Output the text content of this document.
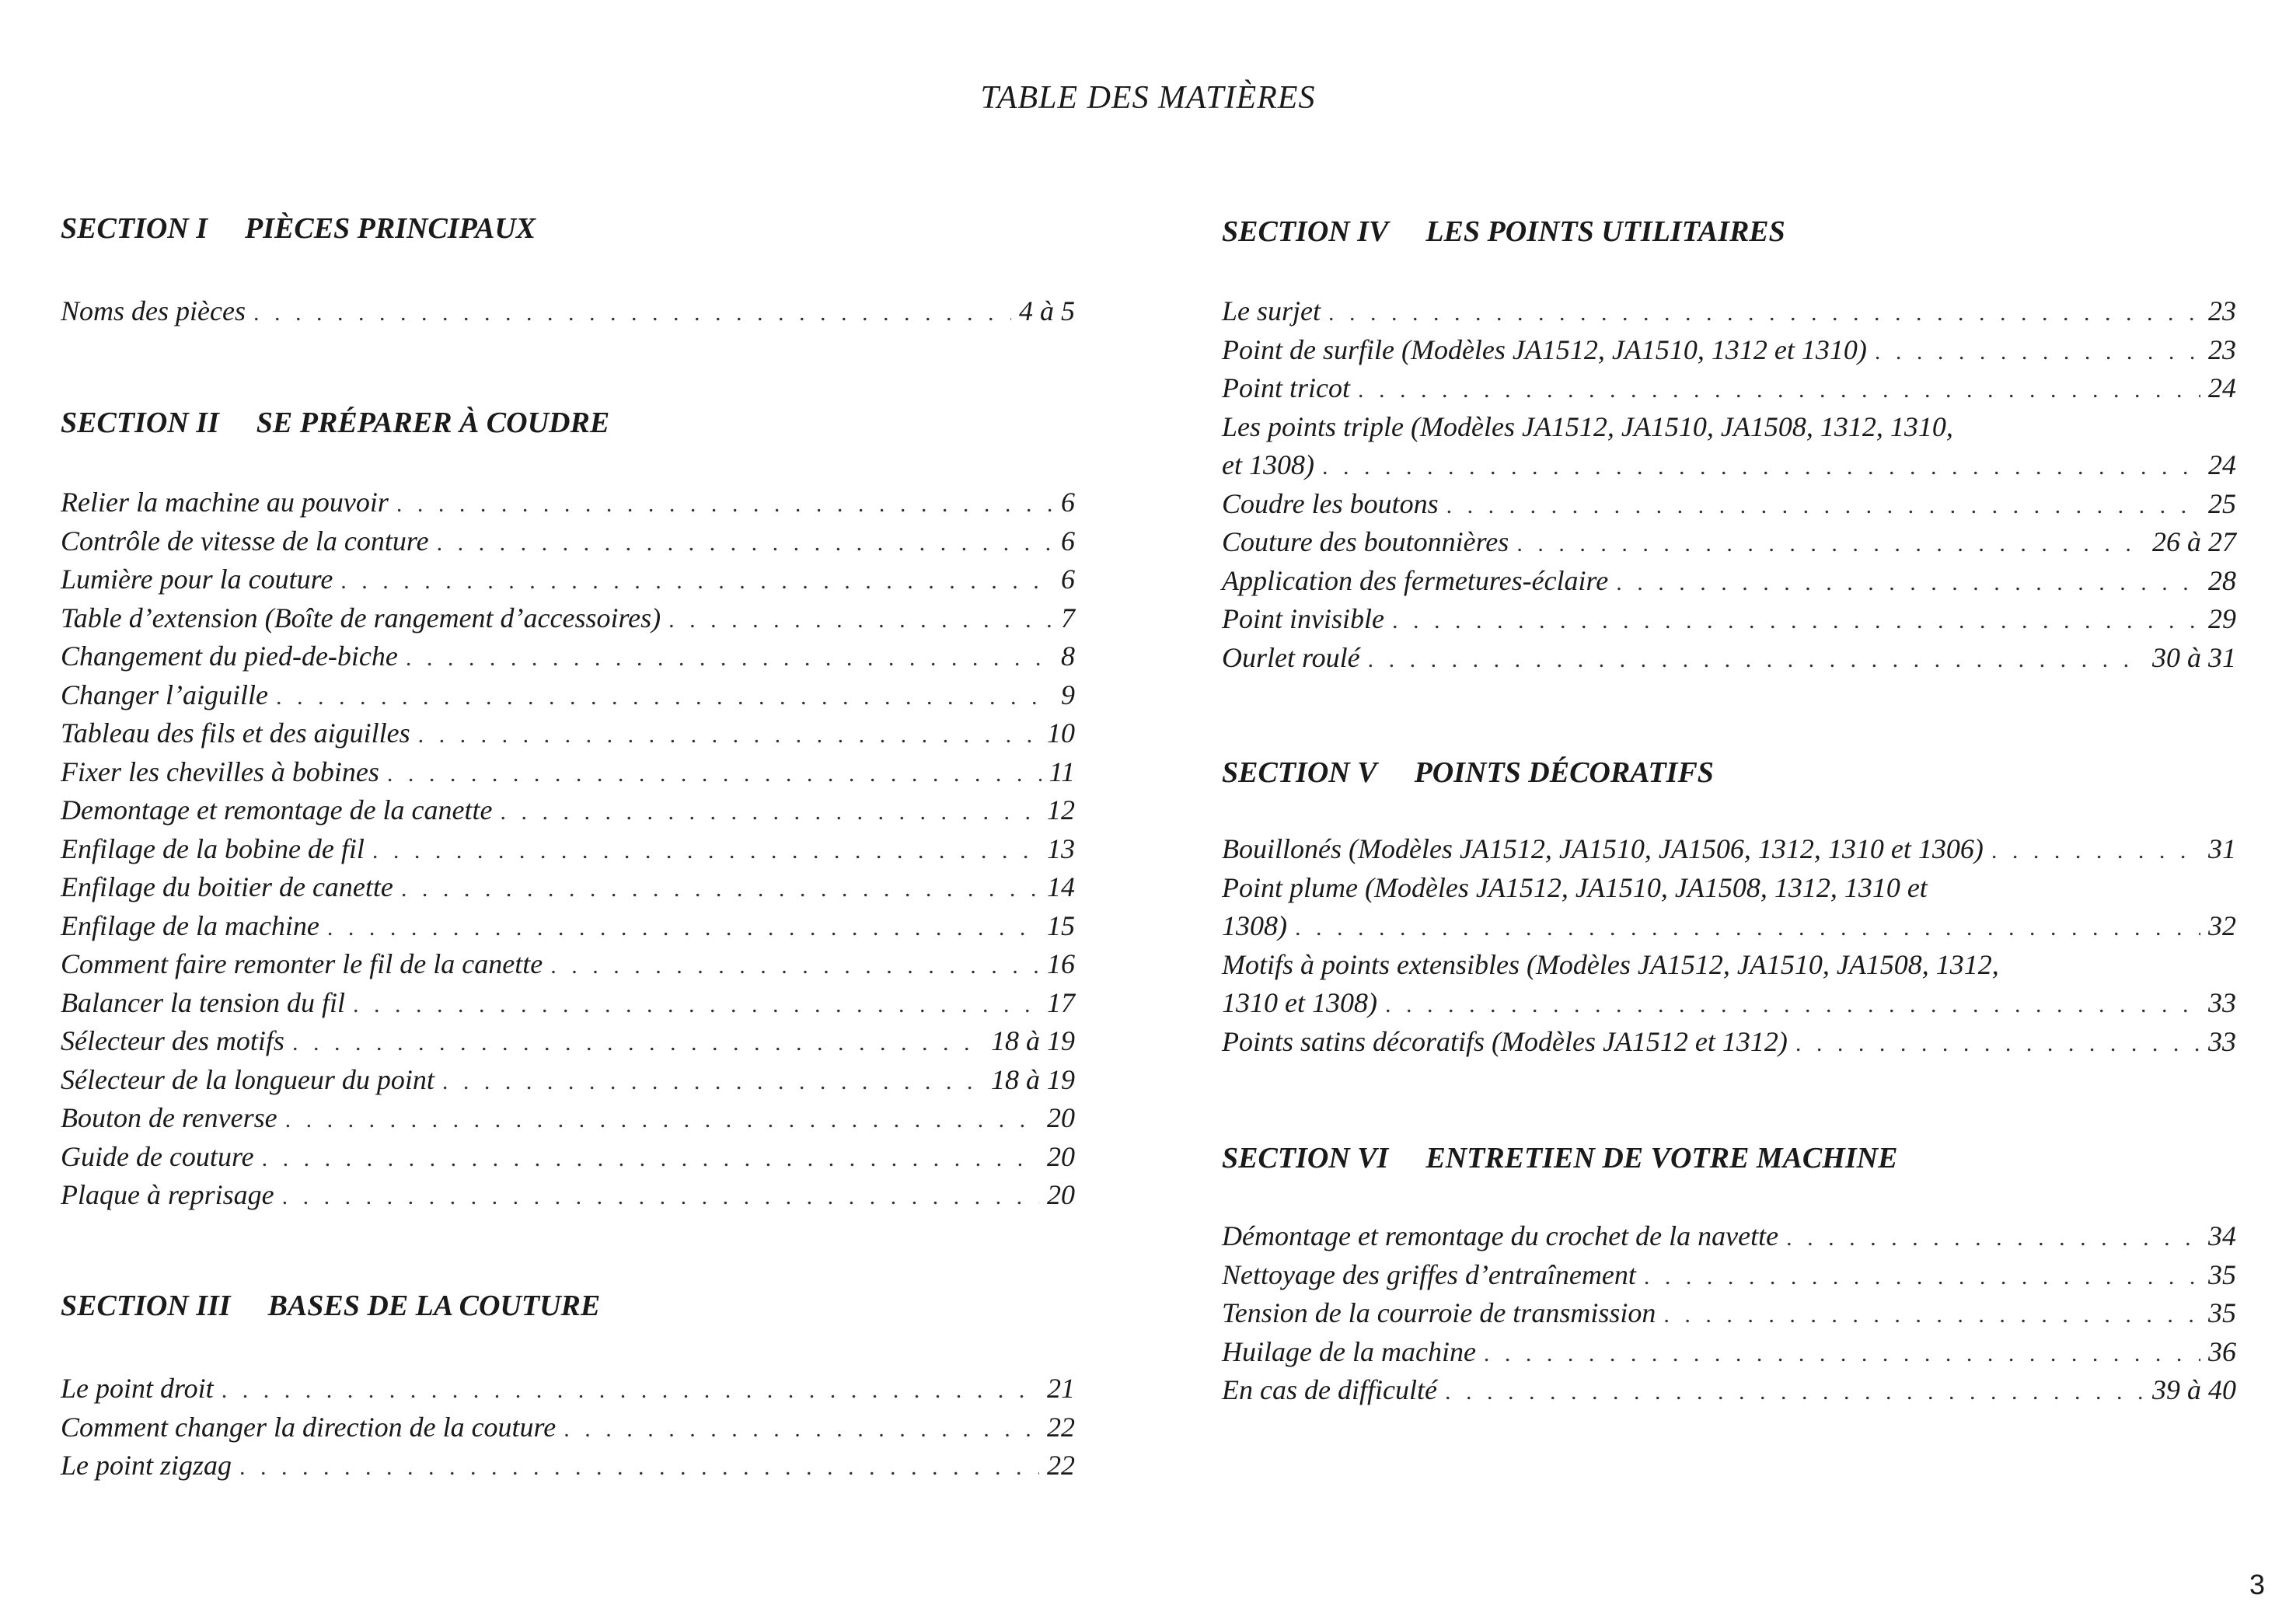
TABLE DES MATIÈRES
SECTION I PIÈCES PRINCIPAUX
Noms des pièces . . .	4 à 5
SECTION II SE PRÉPARER À COUDRE
Relier la machine au pouvoir . . .	6
Contrôle de vitesse de la conture . . .	6
Lumière pour la couture . . .	6
Table d’extension (Boîte de rangement d’accessoires) . . .	7
Changement du pied-de-biche . . .	8
Changer l’aiguille . . .	9
Tableau des fils et des aiguilles . . .	10
Fixer les chevilles à bobines . . .	11
Demontage et remontage de la canette . . .	12
Enfilage de la bobine de fil . . .	13
Enfilage du boitier de canette . . .	14
Enfilage de la machine . . .	15
Comment faire remonter le fil de la canette . . .	16
Balancer la tension du fil . . .	17
Sélecteur des motifs . . .	18 à 19
Sélecteur de la longueur du point . . .	18 à 19
Bouton de renverse . . .	20
Guide de couture . . .	20
Plaque à reprisage . . .	20
SECTION III BASES DE LA COUTURE
Le point droit . . .	21
Comment changer la direction de la couture . . .	22
Le point zigzag . . .	22
SECTION IV LES POINTS UTILITAIRES
Le surjet . . .	23
Point de surfile (Modèles JA1512, JA1510, 1312 et 1310) . . .	23
Point tricot . . .	24
Les points triple (Modèles JA1512, JA1510, JA1508, 1312, 1310,
et 1308) . . .	24
Coudre les boutons . . .	25
Couture des boutonnières . . .	26 à 27
Application des fermetures-éclaire . . .	28
Point invisible . . .	29
Ourlet roulé . . .	30 à 31
SECTION V POINTS DÉCORATIFS
Bouillonés (Modèles JA1512, JA1510, JA1506, 1312, 1310 et 1306) . . .	31
Point plume (Modèles JA1512, JA1510, JA1508, 1312, 1310 et
1308) . . .	32
Motifs à points extensibles (Modèles JA1512, JA1510, JA1508, 1312,
1310 et 1308) . . .	33
Points satins décoratifs (Modèles JA1512 et 1312) . . .	33
SECTION VI ENTRETIEN DE VOTRE MACHINE
Démontage et remontage du crochet de la navette . . .	34
Nettoyage des griffes d’entraînement . . .	35
Tension de la courroie de transmission . . .	35
Huilage de la machine . . .	36
En cas de difficulté . . .	39 à 40
3
